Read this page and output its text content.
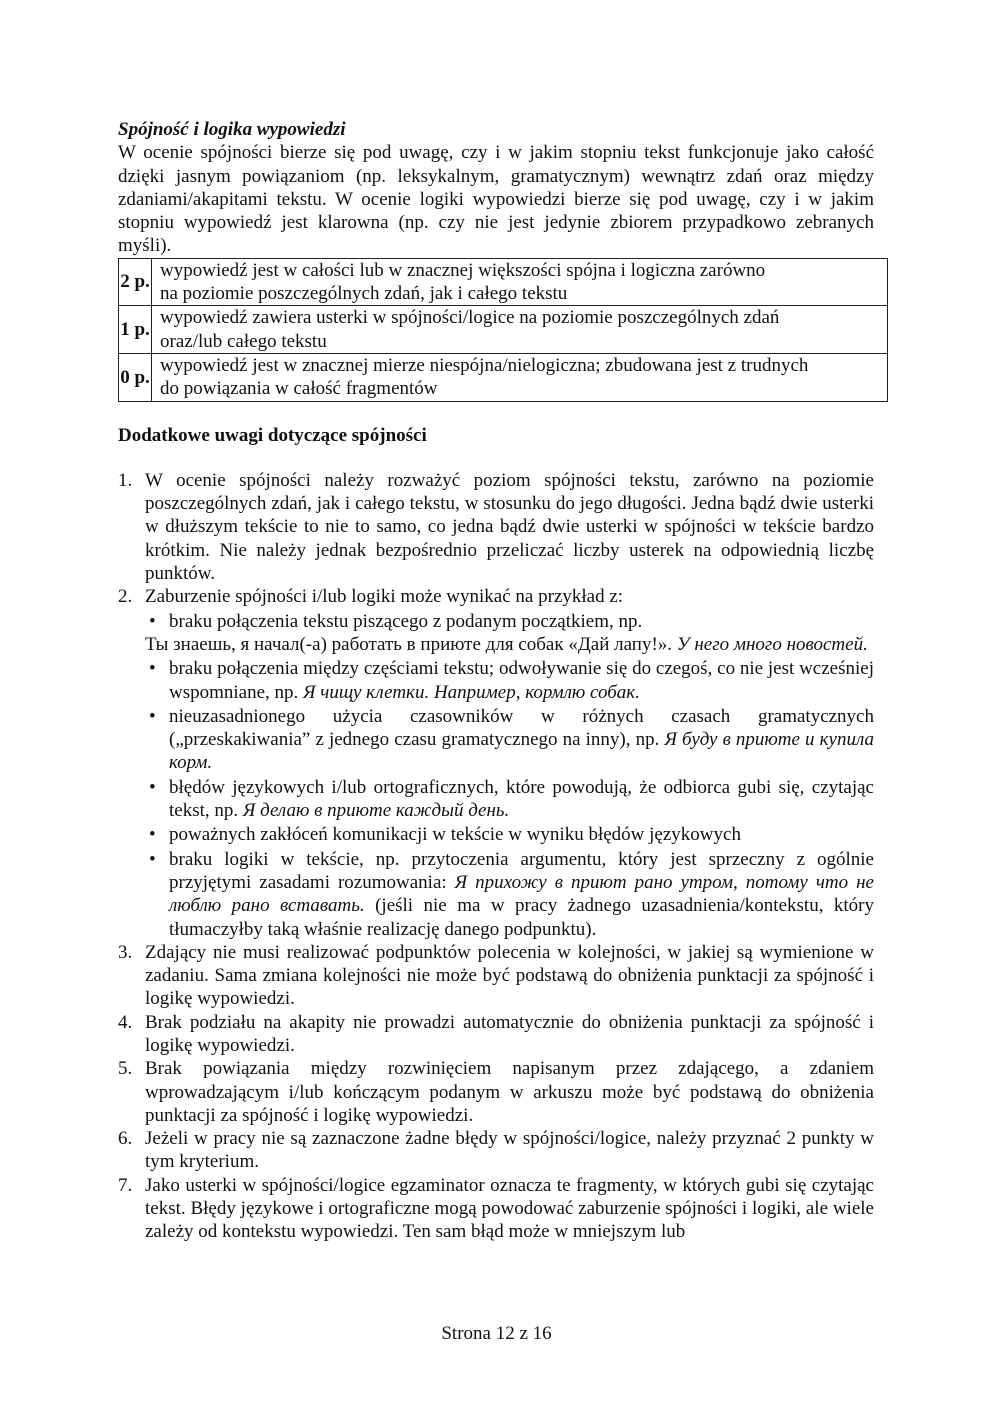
Spójność i logika wypowiedzi
W ocenie spójności bierze się pod uwagę, czy i w jakim stopniu tekst funkcjonuje jako całość dzięki jasnym powiązaniom (np. leksykalnym, gramatycznym) wewnątrz zdań oraz między zdaniami/akapitami tekstu. W ocenie logiki wypowiedzi bierze się pod uwagę, czy i w jakim stopniu wypowiedź jest klarowna (np. czy nie jest jedynie zbiorem przypadkowo zebranych myśli).
2 p.	wypowiedź jest w całości lub w znacznej większości spójna i logiczna zarówno
na poziomie poszczególnych zdań, jak i całego tekstu

1 p.	wypowiedź zawiera usterki w spójności/logice na poziomie poszczególnych zdań
oraz/lub całego tekstu

0 p.	wypowiedź jest w znacznej mierze niespójna/nielogiczna; zbudowana jest z trudnych
do powiązania w całość fragmentów
Dodatkowe uwagi dotyczące spójności
1. W ocenie spójności należy rozważyć poziom spójności tekstu, zarówno na poziomie poszczególnych zdań, jak i całego tekstu, w stosunku do jego długości. Jedna bądź dwie usterki w dłuższym tekście to nie to samo, co jedna bądź dwie usterki w spójności w tekście bardzo krótkim. Nie należy jednak bezpośrednio przeliczać liczby usterek na odpowiednią liczbę punktów.
2. Zaburzenie spójności i/lub logiki może wynikać na przykład z:
• braku połączenia tekstu piszącego z podanym początkiem, np.
Ты знаешь, я начал(-а) работать в приюте для собак «Дай лапу!». У него много новостей.
• braku połączenia między częściami tekstu; odwoływanie się do czegoś, co nie jest wcześniej wspomniane, np. Я чищу клетки. Например, кормлю собак.
• nieuzasadnionego użycia czasowników w różnych czasach gramatycznych („przeskakiwania” z jednego czasu gramatycznego na inny), np. Я буду в приюте и купила корм.
• błędów językowych i/lub ortograficznych, które powodują, że odbiorca gubi się, czytając tekst, np. Я делаю в приюте каждый день.
• poważnych zakłóceń komunikacji w tekście w wyniku błędów językowych
• braku logiki w tekście, np. przytoczenia argumentu, który jest sprzeczny z ogólnie przyjętymi zasadami rozumowania: Я прихожу в приют рано утром, потому что не люблю рано вставать. (jeśli nie ma w pracy żadnego uzasadnienia/kontekstu, który tłumaczyłby taką właśnie realizację danego podpunktu).
3. Zdający nie musi realizować podpunktów polecenia w kolejności, w jakiej są wymienione w zadaniu. Sama zmiana kolejności nie może być podstawą do obniżenia punktacji za spójność i logikę wypowiedzi.
4. Brak podziału na akapity nie prowadzi automatycznie do obniżenia punktacji za spójność i logikę wypowiedzi.
5. Brak powiązania między rozwinięciem napisanym przez zdającego, a zdaniem wprowadzającym i/lub kończącym podanym w arkuszu może być podstawą do obniżenia punktacji za spójność i logikę wypowiedzi.
6. Jeżeli w pracy nie są zaznaczone żadne błędy w spójności/logice, należy przyznać 2 punkty w tym kryterium.
7. Jako usterki w spójności/logice egzaminator oznacza te fragmenty, w których gubi się czytając tekst. Błędy językowe i ortograficzne mogą powodować zaburzenie spójności i logiki, ale wiele zależy od kontekstu wypowiedzi. Ten sam błąd może w mniejszym lub
Strona 12 z 16
